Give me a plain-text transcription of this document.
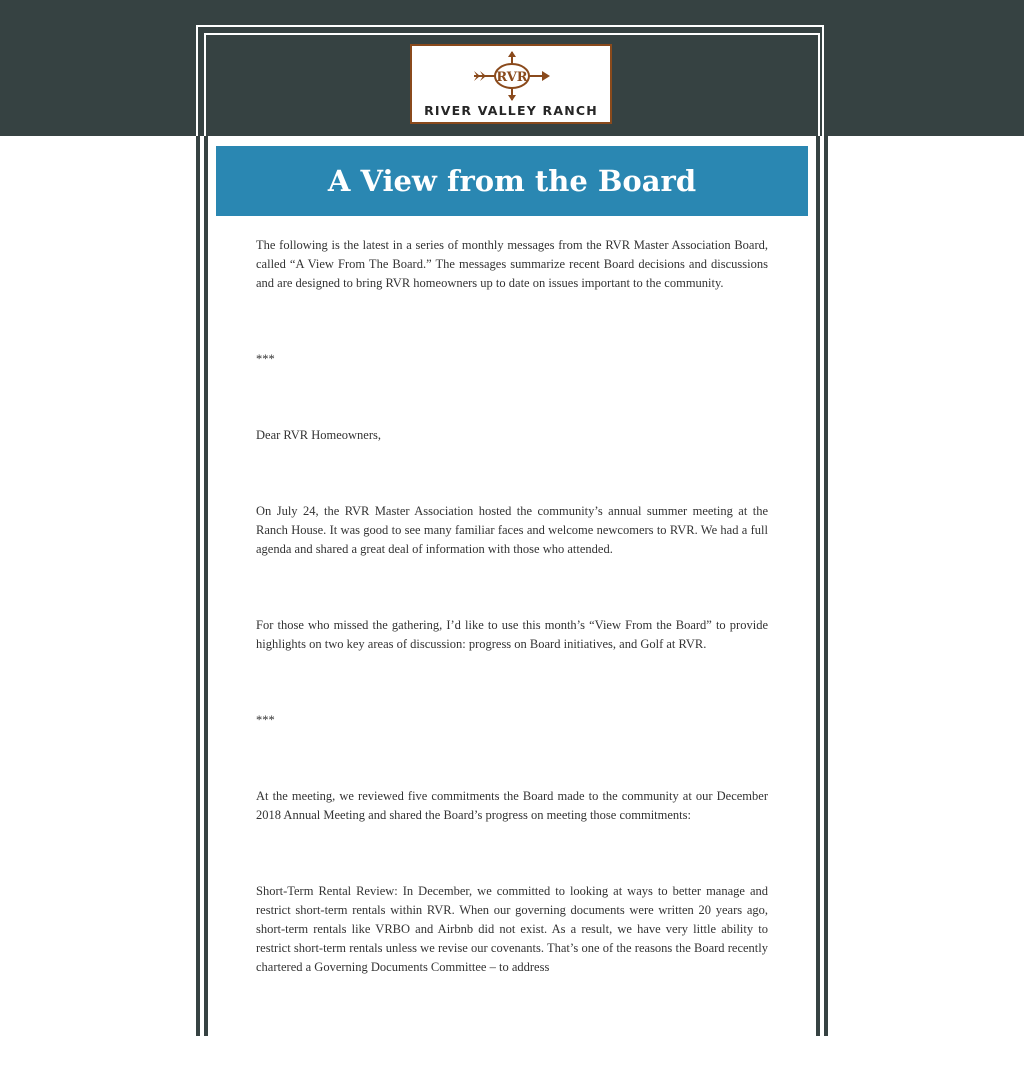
RVR
RIVER VALLEY RANCH
A View from the Board

The following is the latest in a series of monthly messages from the RVR Master Association Board, called “A View From The Board.” The messages summarize recent Board decisions and discussions and are designed to bring RVR homeowners up to date on issues important to the community.

***

Dear RVR Homeowners,

On July 24, the RVR Master Association hosted the community’s annual summer meeting at the Ranch House. It was good to see many familiar faces and welcome newcomers to RVR. We had a full agenda and shared a great deal of information with those who attended.

For those who missed the gathering, I’d like to use this month’s “View From the Board” to provide highlights on two key areas of discussion: progress on Board initiatives, and Golf at RVR.

***

At the meeting, we reviewed five commitments the Board made to the community at our December 2018 Annual Meeting and shared the Board’s progress on meeting those commitments:

Short-Term Rental Review: In December, we committed to looking at ways to better manage and restrict short-term rentals within RVR. When our governing documents were written 20 years ago, short-term rentals like VRBO and Airbnb did not exist. As a result, we have very little ability to restrict short-term rentals unless we revise our covenants. That’s one of the reasons the Board recently chartered a Governing Documents Committee – to address
